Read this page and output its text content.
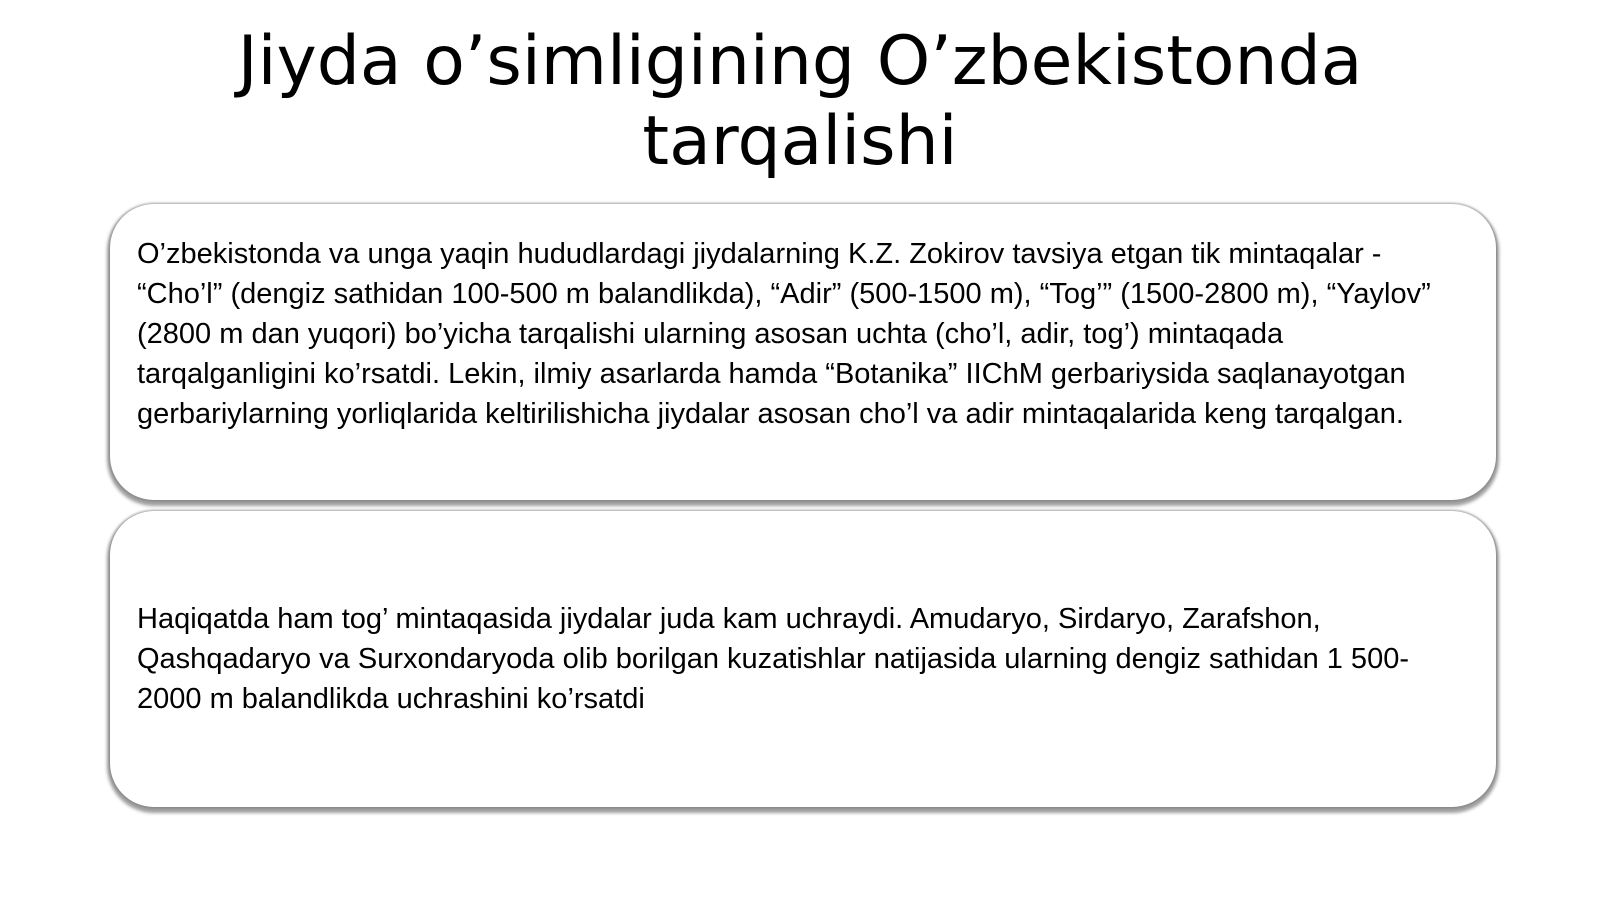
Jiyda o’simligining O’zbekistonda tarqalishi

O’zbekistonda va unga yaqin hududlardagi jiydalarning K.Z. Zokirov tavsiya etgan tik mintaqalar - “Cho’l” (dengiz sathidan 100-500 m balandlikda), “Adir” (500-1500 m), “Tog’” (1500-2800 m), “Yaylov” (2800 m dan yuqori) bo’yicha tarqalishi ularning asosan uchta (cho’l, adir, tog’) mintaqada tarqalganligini ko’rsatdi. Lekin, ilmiy asarlarda hamda “Botanika” IIChM gerbariysida saqlanayotgan gerbariylarning yorliqlarida keltirilishicha jiydalar asosan cho’l va adir mintaqalarida keng tarqalgan.

Haqiqatda ham tog’ mintaqasida jiydalar juda kam uchraydi. Amudaryo, Sirdaryo, Zarafshon, Qashqadaryo va Surxondaryoda olib borilgan kuzatishlar natijasida ularning dengiz sathidan 1 500-2000 m balandlikda uchrashini ko’rsatdi
